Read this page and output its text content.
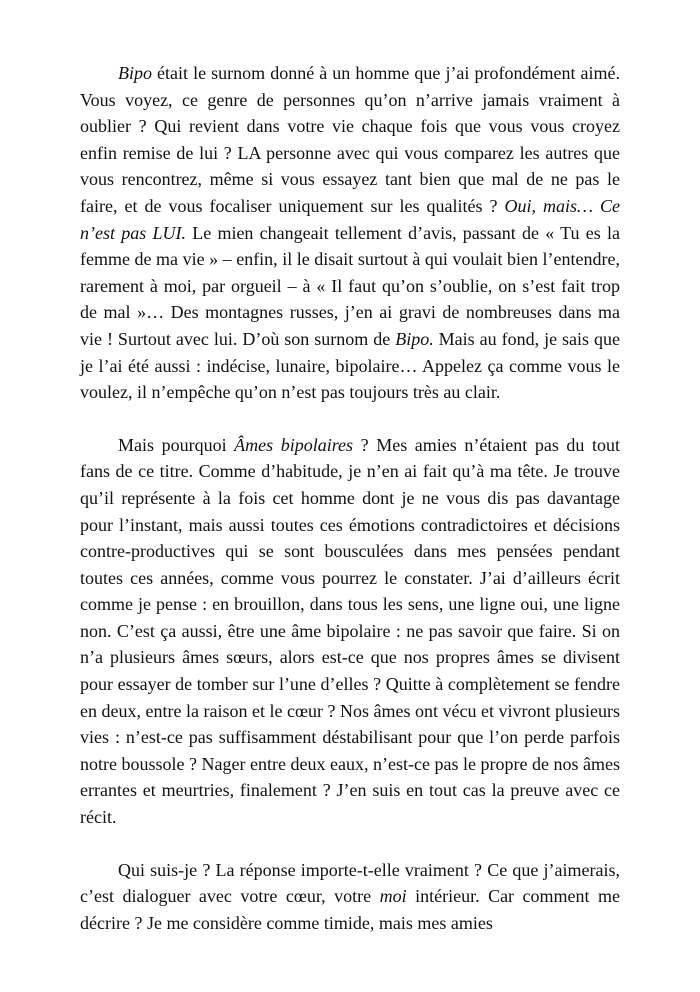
Bipo était le surnom donné à un homme que j’ai profondément aimé. Vous voyez, ce genre de personnes qu’on n’arrive jamais vraiment à oublier ? Qui revient dans votre vie chaque fois que vous vous croyez enfin remise de lui ? LA personne avec qui vous comparez les autres que vous rencontrez, même si vous essayez tant bien que mal de ne pas le faire, et de vous focaliser uniquement sur les qualités ? Oui, mais… Ce n’est pas LUI. Le mien changeait tellement d’avis, passant de « Tu es la femme de ma vie » – enfin, il le disait surtout à qui voulait bien l’entendre, rarement à moi, par orgueil – à « Il faut qu’on s’oublie, on s’est fait trop de mal »… Des montagnes russes, j’en ai gravi de nombreuses dans ma vie ! Surtout avec lui. D’où son surnom de Bipo. Mais au fond, je sais que je l’ai été aussi : indécise, lunaire, bipolaire… Appelez ça comme vous le voulez, il n’empêche qu’on n’est pas toujours très au clair.

Mais pourquoi Âmes bipolaires ? Mes amies n’étaient pas du tout fans de ce titre. Comme d’habitude, je n’en ai fait qu’à ma tête. Je trouve qu’il représente à la fois cet homme dont je ne vous dis pas davantage pour l’instant, mais aussi toutes ces émotions contradictoires et décisions contre-productives qui se sont bousculées dans mes pensées pendant toutes ces années, comme vous pourrez le constater. J’ai d’ailleurs écrit comme je pense : en brouillon, dans tous les sens, une ligne oui, une ligne non. C’est ça aussi, être une âme bipolaire : ne pas savoir que faire. Si on n’a plusieurs âmes sœurs, alors est-ce que nos propres âmes se divisent pour essayer de tomber sur l’une d’elles ? Quitte à complètement se fendre en deux, entre la raison et le cœur ? Nos âmes ont vécu et vivront plusieurs vies : n’est-ce pas suffisamment déstabilisant pour que l’on perde parfois notre boussole ? Nager entre deux eaux, n’est-ce pas le propre de nos âmes errantes et meurtries, finalement ? J’en suis en tout cas la preuve avec ce récit.

Qui suis-je ? La réponse importe-t-elle vraiment ? Ce que j’aimerais, c’est dialoguer avec votre cœur, votre moi intérieur. Car comment me décrire ? Je me considère comme timide, mais mes amies
